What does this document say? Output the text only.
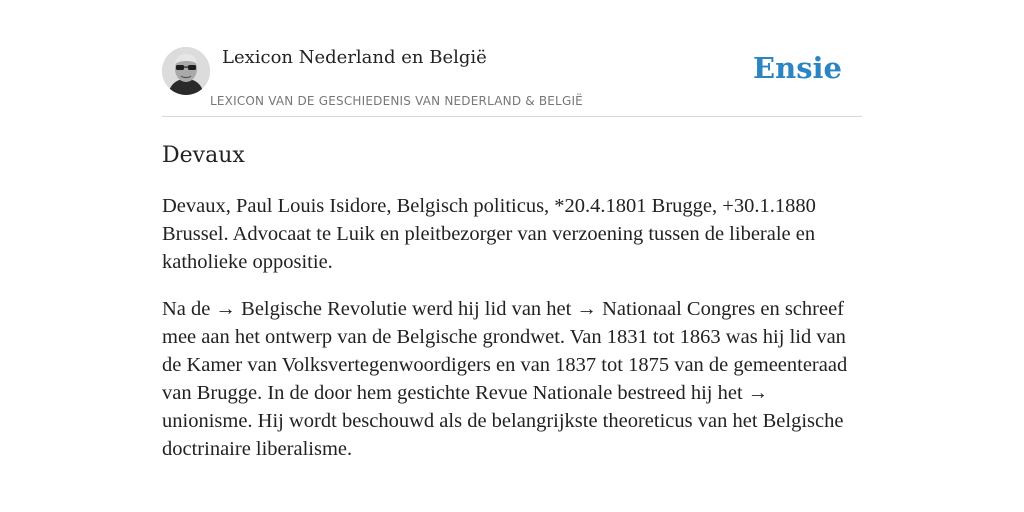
Lexicon Nederland en België
LEXICON VAN DE GESCHIEDENIS VAN NEDERLAND & BELGIË
Ensie
Devaux

Devaux, Paul Louis Isidore, Belgisch politicus, *20.4.1801 Brugge, +30.1.1880 Brussel. Advocaat te Luik en pleitbezorger van verzoening tussen de liberale en katholieke oppositie.

Na de → Belgische Revolutie werd hij lid van het → Nationaal Congres en schreef mee aan het ontwerp van de Belgische grondwet. Van 1831 tot 1863 was hij lid van de Kamer van Volksvertegenwoordigers en van 1837 tot 1875 van de gemeenteraad van Brugge. In de door hem gestichte Revue Nationale bestreed hij het → unionisme. Hij wordt beschouwd als de belangrijkste theoreticus van het Belgische doctrinaire liberalisme.
